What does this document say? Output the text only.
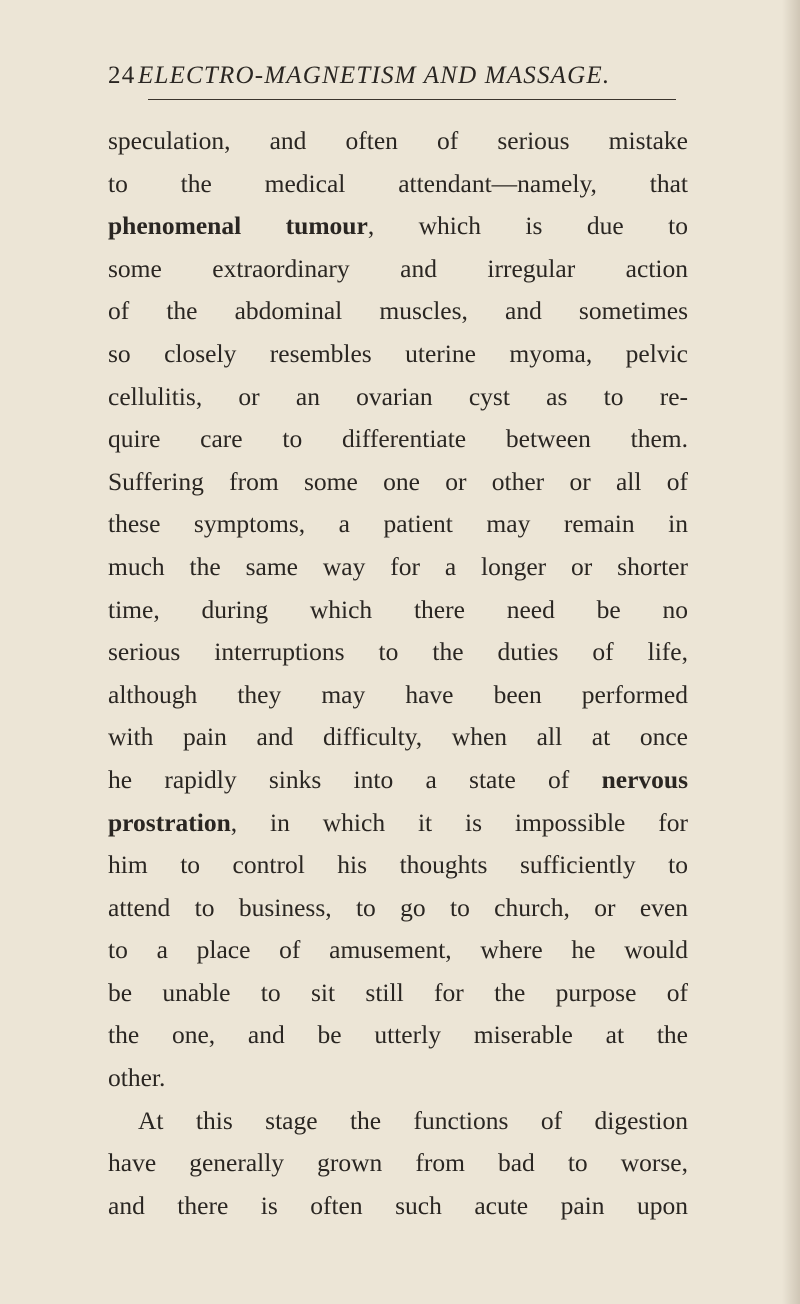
24 ELECTRO-MAGNETISM AND MASSAGE.
speculation, and often of serious mistake
to the medical attendant—namely, that
phenomenal tumour, which is due to
some extraordinary and irregular action
of the abdominal muscles, and sometimes
so closely resembles uterine myoma, pelvic
cellulitis, or an ovarian cyst as to re-
quire care to differentiate between them.
Suffering from some one or other or all of
these symptoms, a patient may remain in
much the same way for a longer or shorter
time, during which there need be no
serious interruptions to the duties of life,
although they may have been performed
with pain and difficulty, when all at once
he rapidly sinks into a state of nervous
prostration, in which it is impossible for
him to control his thoughts sufficiently to
attend to business, to go to church, or even
to a place of amusement, where he would
be unable to sit still for the purpose of
the one, and be utterly miserable at the
other.
At this stage the functions of digestion
have generally grown from bad to worse,
and there is often such acute pain upon
